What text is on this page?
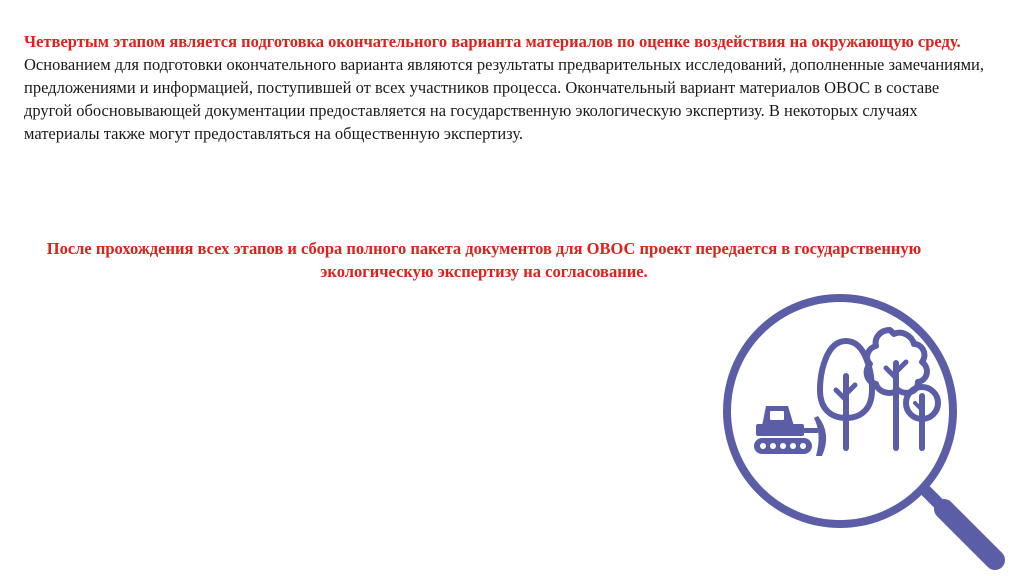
Четвертым этапом является подготовка окончательного варианта материалов по оценке воздействия на окружающую среду.

Основанием для подготовки окончательного варианта являются результаты предварительных исследований, дополненные замечаниями, предложениями и информацией, поступившей от всех участников процесса. Окончательный вариант материалов ОВОС в составе другой обосновывающей документации предоставляется на государственную экологическую экспертизу. В некоторых случаях материалы также могут предоставляться на общественную экспертизу.

После прохождения всех этапов и сбора полного пакета документов для ОВОС проект передается в государственную экологическую экспертизу на согласование.
